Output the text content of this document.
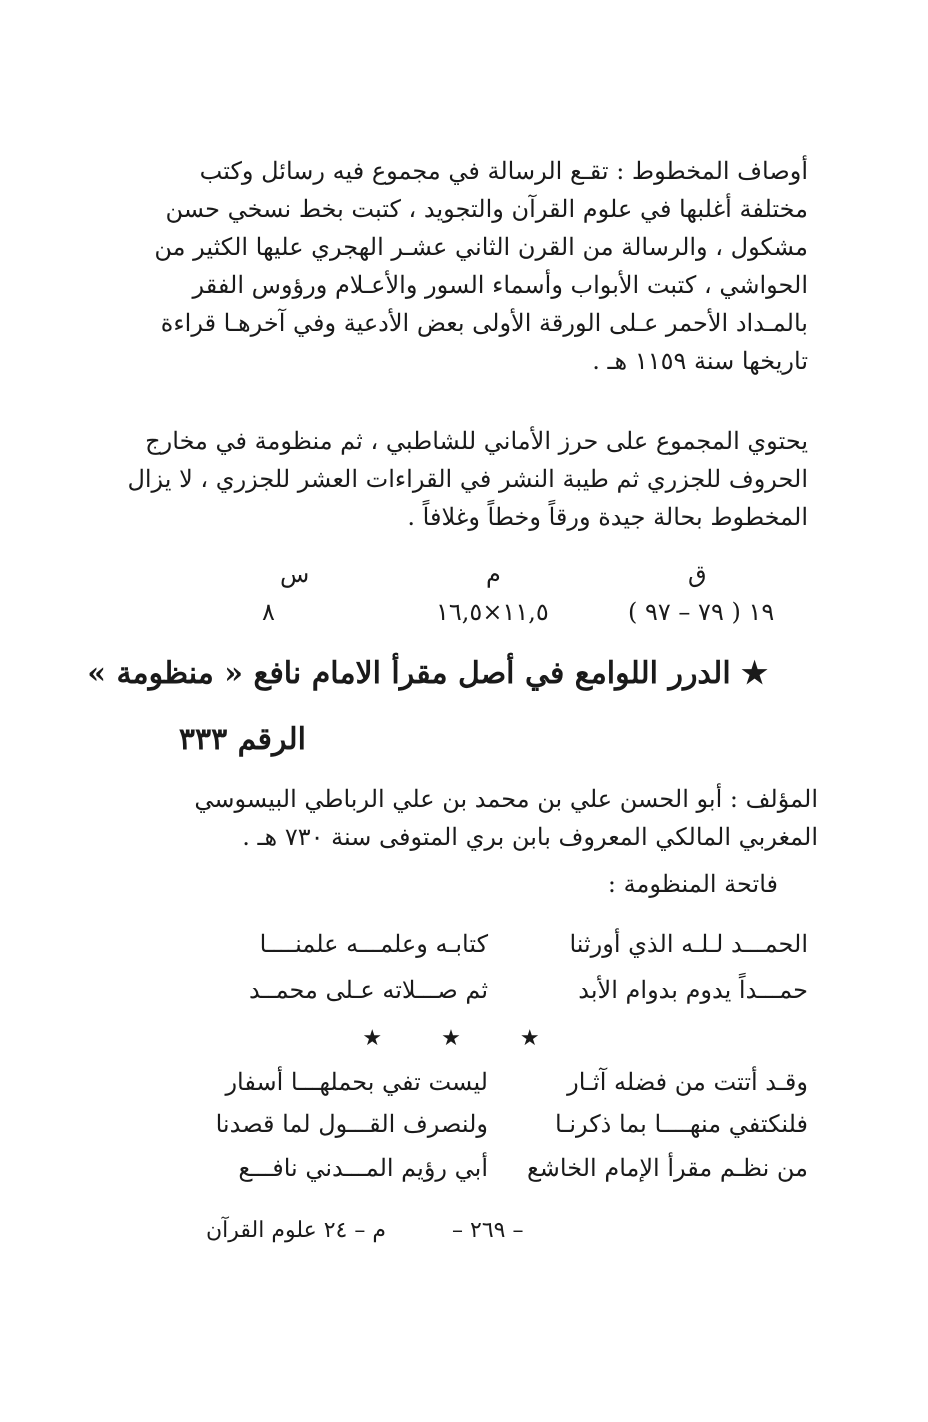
أوصاف المخطوط : تقـع الرسالة في مجموع فيه رسائل وكتب
مختلفة أغلبها في علوم القرآن والتجويد ، كتبت بخط نسخي حسن
مشكول ، والرسالة من القرن الثاني عشـر الهجري عليها الكثير من
الحواشي ، كتبت الأبواب وأسماء السور والأعـلام ورؤوس الفقر
بالمـداد الأحمر عـلى الورقة الأولى بعض الأدعية وفي آخرهـا قراءة
تاريخها سنة ١١٥٩ هـ .
يحتوي المجموع على حرز الأماني للشاطبي ، ثم منظومة في مخارج
الحروف للجزري ثم طيبة النشر في القراءات العشر للجزري ، لا يزال
المخطوط بحالة جيدة ورقاً وخطاً وغلافاً .
ق
م
س
١٩ ( ٧٩ – ٩٧ )
١١,٥×١٦,٥
٨
★ الدرر اللوامع في أصل مقرأ الامام نافع « منظومة »
الرقم ٣٣٣
المؤلف : أبو الحسن علي بن محمد بن علي الرباطي البيسوسي
المغربي المالكي المعروف بابن بري المتوفى سنة ٧٣٠ هـ .
فاتحة المنظومة :
الحمـــد لـلـه الذي أورثنا
كتابـه وعلمـــه علمنــــا
حمـــداً يدوم بدوام الأبد
ثم صـــلاته عـلى محمــد
★ ★ ★
وقـد أتتت من فضله آثـار
ليست تفي بحملهـــا أسفار
فلنكتفي منهــــا بما ذكرنـا
ولنصرف القـــول لما قصدنا
من نظـم مقرأ الإمام الخاشع
أبي رؤيم المـــدني نافـــع
– ٢٦٩ –
م – ٢٤ علوم القرآن
